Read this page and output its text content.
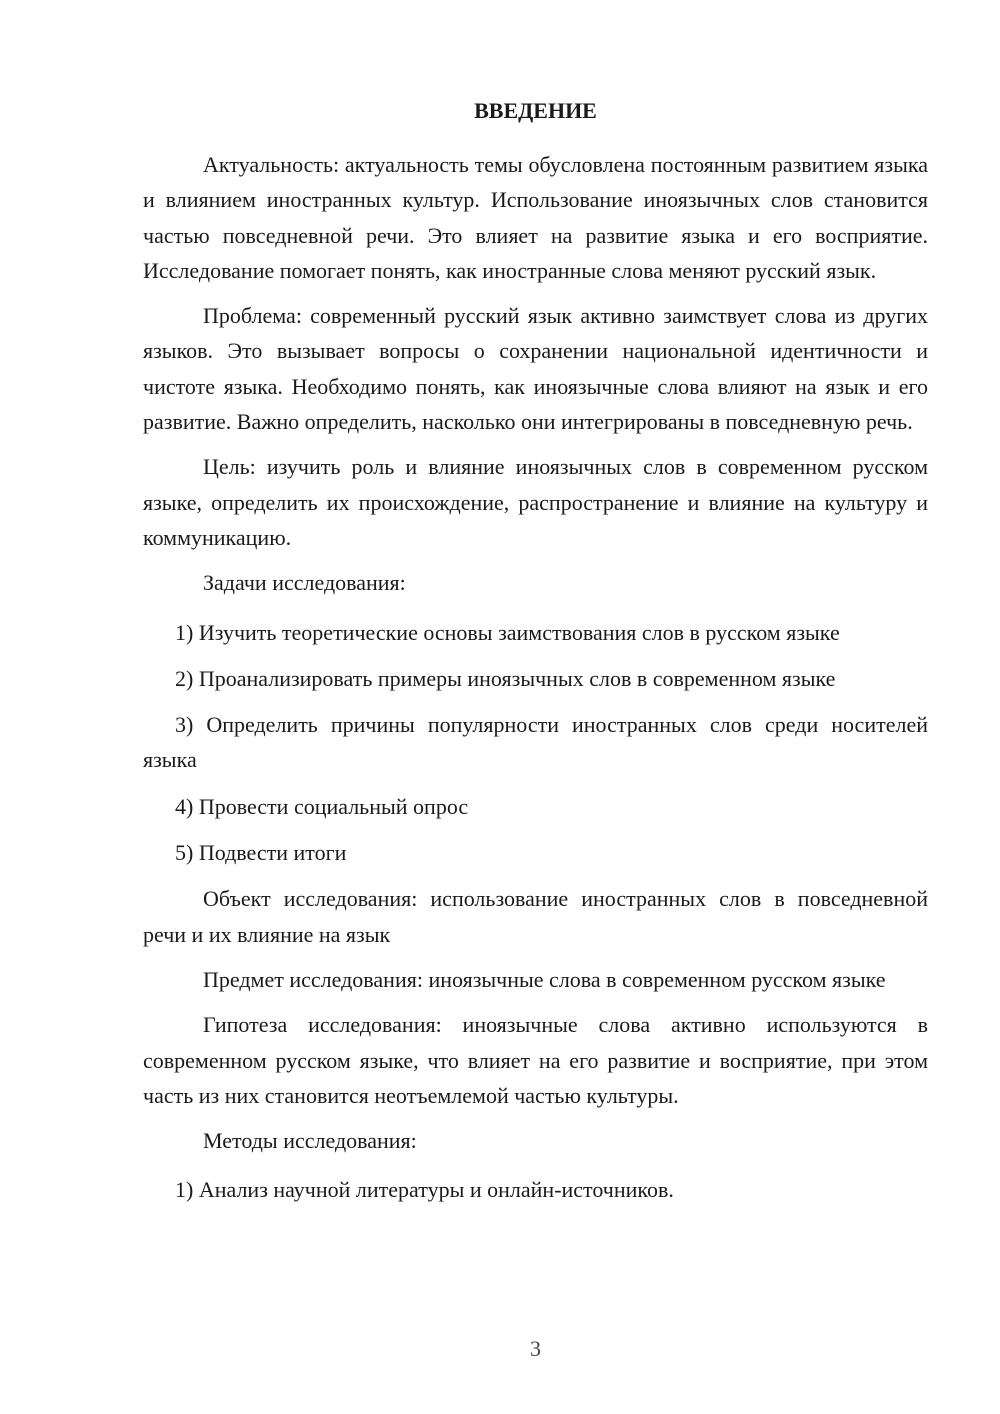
ВВЕДЕНИЕ

Актуальность: актуальность темы обусловлена постоянным развитием языка и влиянием иностранных культур. Использование иноязычных слов становится частью повседневной речи. Это влияет на развитие языка и его восприятие. Исследование помогает понять, как иностранные слова меняют русский язык.

Проблема: современный русский язык активно заимствует слова из других языков. Это вызывает вопросы о сохранении национальной идентичности и чистоте языка. Необходимо понять, как иноязычные слова влияют на язык и его развитие. Важно определить, насколько они интегрированы в повседневную речь.

Цель: изучить роль и влияние иноязычных слов в современном русском языке, определить их происхождение, распространение и влияние на культуру и коммуникацию.

Задачи исследования:

1) Изучить теоретические основы заимствования слов в русском языке

2) Проанализировать примеры иноязычных слов в современном языке

3) Определить причины популярности иностранных слов среди носителей языка

4) Провести социальный опрос

5) Подвести итоги

Объект исследования: использование иностранных слов в повседневной речи и их влияние на язык

Предмет исследования: иноязычные слова в современном русском языке

Гипотеза исследования: иноязычные слова активно используются в современном русском языке, что влияет на его развитие и восприятие, при этом часть из них становится неотъемлемой частью культуры.

Методы исследования:

1) Анализ научной литературы и онлайн-источников.

3
